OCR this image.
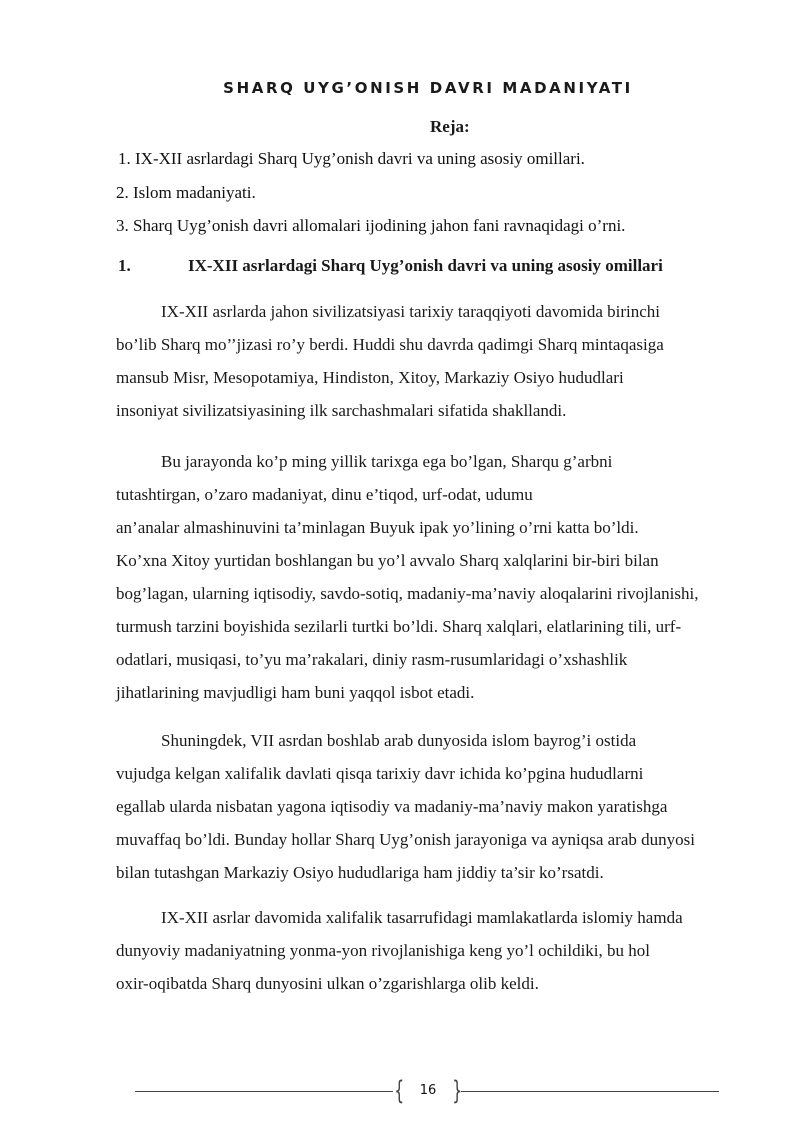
SHARQ UYG’ONISH DAVRI MADANIYATI
Reja:
1. IX-XII asrlardagi Sharq Uyg’onish davri va uning asosiy omillari.
2. Islom madaniyati.
3. Sharq Uyg’onish davri allomalari ijodining jahon fani ravnaqidagi o’rni.
1.	IX-XII asrlardagi Sharq Uyg’onish davri va uning asosiy omillari
IX-XII asrlarda jahon sivilizatsiyasi tarixiy taraqqiyoti davomida birinchi
bo’lib Sharq mo’’jizasi ro’y berdi. Huddi shu davrda qadimgi Sharq mintaqasiga
mansub Misr, Mesopotamiya, Hindiston, Xitoy, Markaziy Osiyo hududlari
insoniyat sivilizatsiyasining ilk sarchashmalari sifatida shakllandi.
Bu jarayonda ko’p ming yillik tarixga ega bo’lgan, Sharqu g’arbni
tutashtirgan, o’zaro madaniyat, dinu e’tiqod, urf-odat, udumu
an’analar almashinuvini ta’minlagan Buyuk ipak yo’lining o’rni katta bo’ldi.
Ko’xna Xitoy yurtidan boshlangan bu yo’l avvalo Sharq xalqlarini bir-biri bilan
bog’lagan, ularning iqtisodiy, savdo-sotiq, madaniy-ma’naviy aloqalarini rivojlanishi,
turmush tarzini boyishida sezilarli turtki bo’ldi. Sharq xalqlari, elatlarining tili, urf-
odatlari, musiqasi, to’yu ma’rakalari, diniy rasm-rusumlaridagi o’xshashlik
jihatlarining mavjudligi ham buni yaqqol isbot etadi.
Shuningdek, VII asrdan boshlab arab dunyosida islom bayrog’i ostida
vujudga kelgan xalifalik davlati qisqa tarixiy davr ichida ko’pgina hududlarni
egallab ularda nisbatan yagona iqtisodiy va madaniy-ma’naviy makon yaratishga
muvaffaq bo’ldi. Bunday hollar Sharq Uyg’onish jarayoniga va ayniqsa arab dunyosi
bilan tutashgan Markaziy Osiyo hududlariga ham jiddiy ta’sir ko’rsatdi.
IX-XII asrlar davomida xalifalik tasarrufidagi mamlakatlarda islomiy hamda
dunyoviy madaniyatning yonma-yon rivojlanishiga keng yo’l ochildiki, bu hol
oxir-oqibatda Sharq dunyosini ulkan o’zgarishlarga olib keldi.
{	16 }
